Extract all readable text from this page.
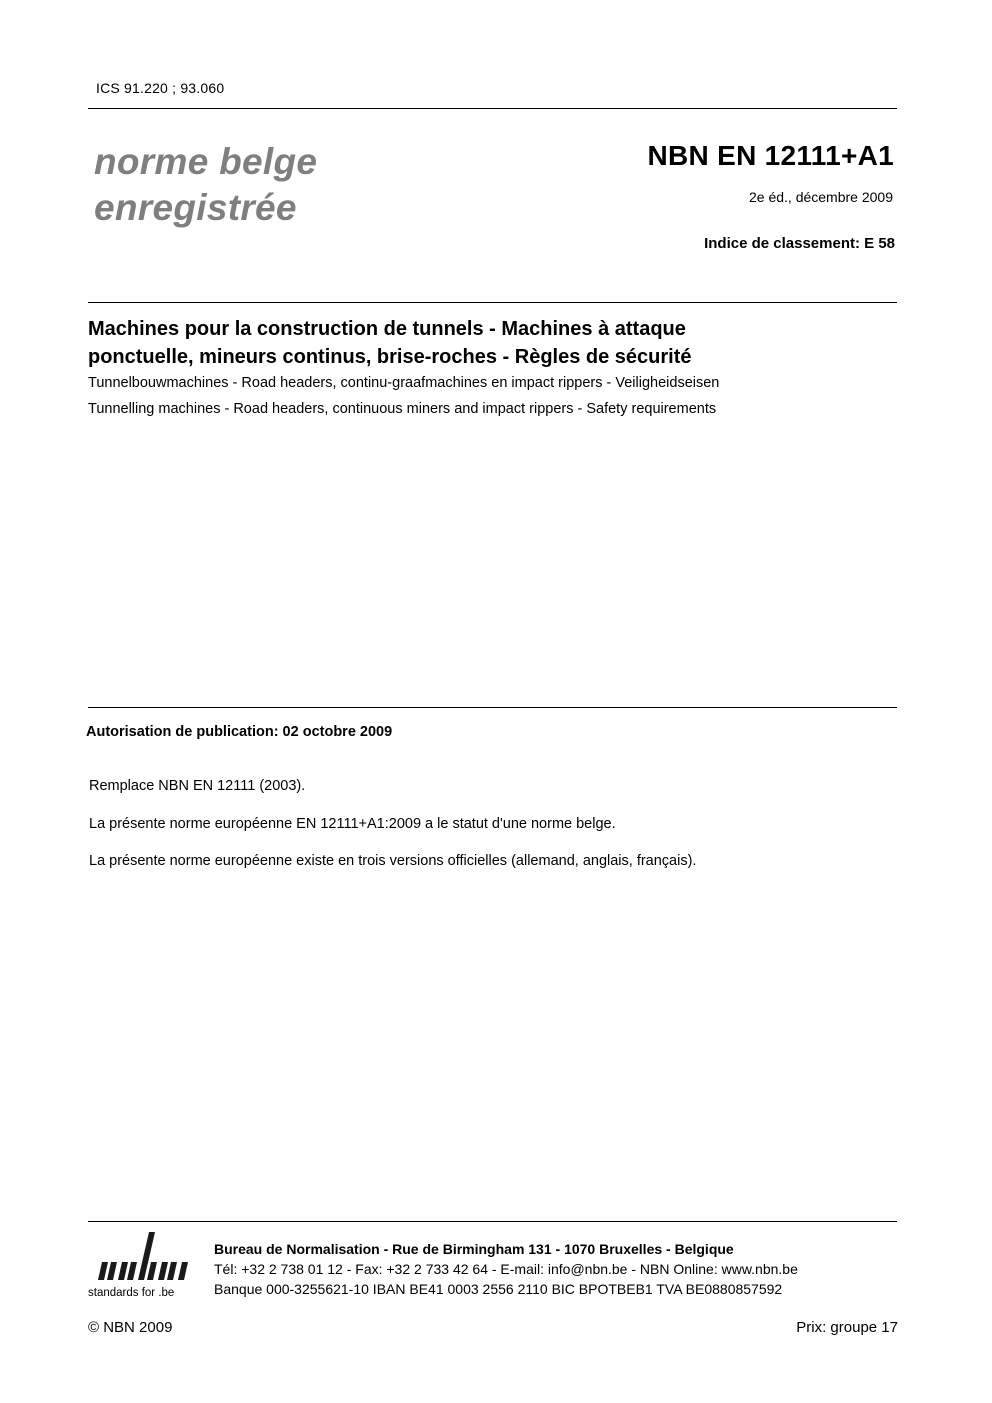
ICS 91.220 ; 93.060
norme belge
enregistrée
NBN EN 12111+A1
2e éd., décembre 2009
Indice de classement: E 58
Machines pour la construction de tunnels - Machines à attaque
ponctuelle, mineurs continus, brise-roches - Règles de sécurité
Tunnelbouwmachines - Road headers, continu-graafmachines en impact rippers - Veiligheidseisen
Tunnelling machines - Road headers, continuous miners and impact rippers - Safety requirements
Autorisation de publication: 02 octobre 2009
Remplace NBN EN 12111 (2003).
La présente norme européenne EN 12111+A1:2009 a le statut d'une norme belge.
La présente norme européenne existe en trois versions officielles (allemand, anglais, français).
standards for .be
Bureau de Normalisation - Rue de Birmingham 131 - 1070 Bruxelles - Belgique
Tél: +32 2 738 01 12 - Fax: +32 2 733 42 64 - E-mail: info@nbn.be - NBN Online: www.nbn.be
Banque 000-3255621-10 IBAN BE41 0003 2556 2110 BIC BPOTBEB1 TVA BE0880857592
© NBN 2009	Prix: groupe 17
